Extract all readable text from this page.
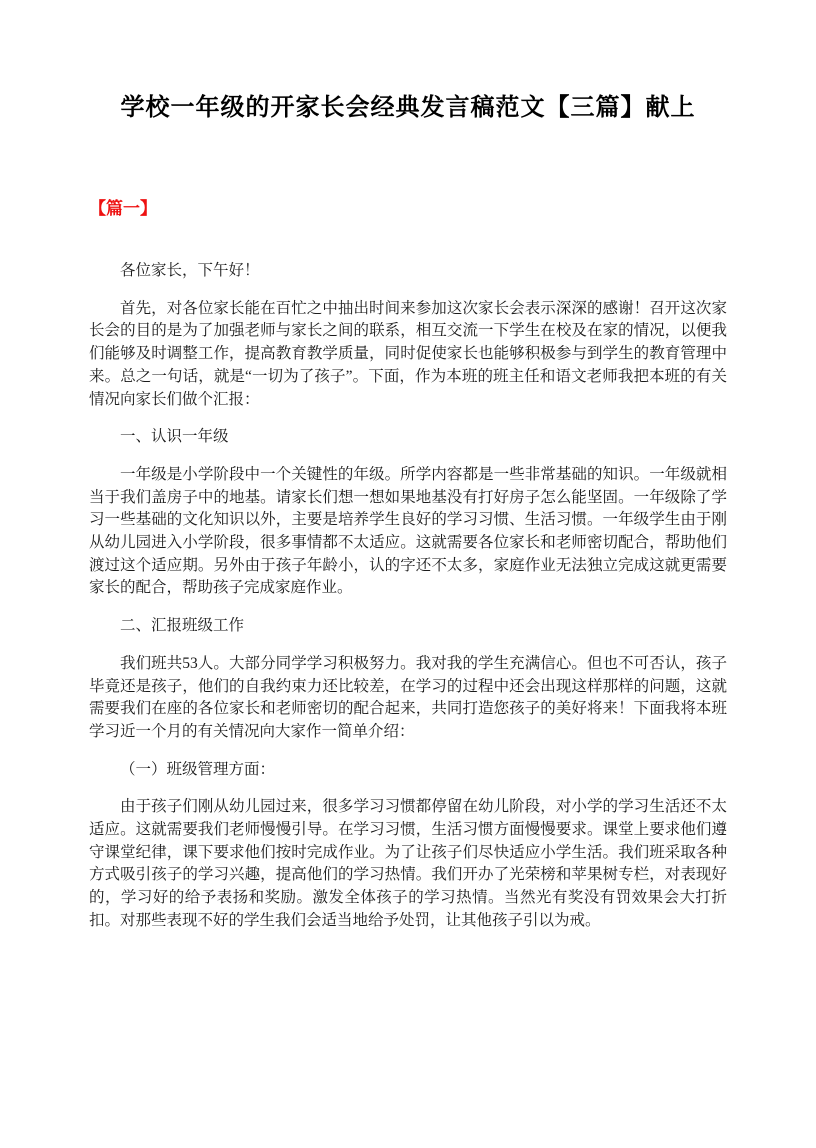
学校一年级的开家长会经典发言稿范文【三篇】献上
【篇一】

各位家长，下午好！

首先，对各位家长能在百忙之中抽出时间来参加这次家长会表示深深的感谢！召开这次家长会的目的是为了加强老师与家长之间的联系，相互交流一下学生在校及在家的情况，以便我们能够及时调整工作，提高教育教学质量，同时促使家长也能够积极参与到学生的教育管理中来。总之一句话，就是“一切为了孩子”。下面，作为本班的班主任和语文老师我把本班的有关情况向家长们做个汇报：

一、认识一年级

一年级是小学阶段中一个关键性的年级。所学内容都是一些非常基础的知识。一年级就相当于我们盖房子中的地基。请家长们想一想如果地基没有打好房子怎么能坚固。一年级除了学习一些基础的文化知识以外，主要是培养学生良好的学习习惯、生活习惯。一年级学生由于刚从幼儿园进入小学阶段，很多事情都不太适应。这就需要各位家长和老师密切配合，帮助他们渡过这个适应期。另外由于孩子年龄小，认的字还不太多，家庭作业无法独立完成这就更需要家长的配合，帮助孩子完成家庭作业。

二、汇报班级工作

我们班共53人。大部分同学学习积极努力。我对我的学生充满信心。但也不可否认，孩子毕竟还是孩子，他们的自我约束力还比较差，在学习的过程中还会出现这样那样的问题，这就需要我们在座的各位家长和老师密切的配合起来，共同打造您孩子的美好将来！下面我将本班学习近一个月的有关情况向大家作一简单介绍：

（一）班级管理方面：

由于孩子们刚从幼儿园过来，很多学习习惯都停留在幼儿阶段，对小学的学习生活还不太适应。这就需要我们老师慢慢引导。在学习习惯，生活习惯方面慢慢要求。课堂上要求他们遵守课堂纪律，课下要求他们按时完成作业。为了让孩子们尽快适应小学生活。我们班采取各种方式吸引孩子的学习兴趣，提高他们的学习热情。我们开办了光荣榜和苹果树专栏，对表现好的，学习好的给予表扬和奖励。激发全体孩子的学习热情。当然光有奖没有罚效果会大打折扣。对那些表现不好的学生我们会适当地给予处罚，让其他孩子引以为戒。
